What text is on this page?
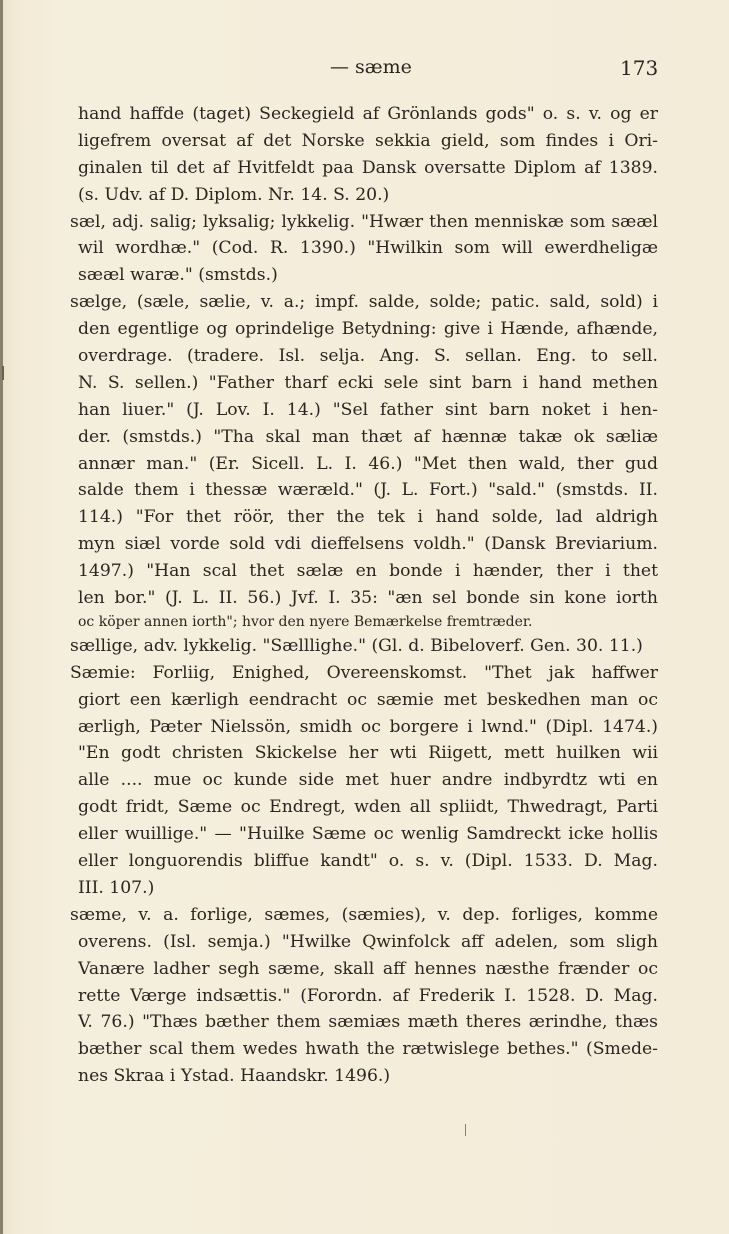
— sæme	173
hand haffde (taget) Seckegield af Grönlands gods" o. s. v. og er
ligefrem oversat af det Norske sekkia gield, som findes i Ori-
ginalen til det af Hvitfeldt paa Dansk oversatte Diplom af 1389.
(s. Udv. af D. Diplom. Nr. 14. S. 20.)
sæl, adj. salig; lyksalig; lykkelig. "Hwær then menniskæ som sææl
wil wordhæ." (Cod. R. 1390.) "Hwilkin som will ewerdheligæ
sææl waræ." (smstds.)
sælge, (sæle, sælie, v. a.; impf. salde, solde; patic. sald, sold) i
den egentlige og oprindelige Betydning: give i Hænde, afhænde,
overdrage. (tradere. Isl. selja. Ang. S. sellan. Eng. to sell.
N. S. sellen.) "Father tharf ecki sele sint barn i hand methen
han liuer." (J. Lov. I. 14.) "Sel father sint barn noket i hen-
der. (smstds.) "Tha skal man thæt af hænnæ takæ ok sæliæ
annær man." (Er. Sicell. L. I. 46.) "Met then wald, ther gud
salde them i thessæ wæræld." (J. L. Fort.) "sald." (smstds. II.
114.) "For thet röör, ther the tek i hand solde, lad aldrigh
myn siæl vorde sold vdi dieffelsens voldh." (Dansk Breviarium.
1497.) "Han scal thet sælæ en bonde i hænder, ther i thet
len bor." (J. L. II. 56.) Jvf. I. 35: "æn sel bonde sin kone iorth
oc köper annen iorth"; hvor den nyere Bemærkelse fremtræder.
sællige, adv. lykkelig. "Sælllighe." (Gl. d. Bibeloverf. Gen. 30. 11.)
Sæmie: Forliig, Enighed, Overeenskomst. "Thet jak haffwer
giort een kærligh eendracht oc sæmie met beskedhen man oc
ærligh, Pæter Nielssön, smidh oc borgere i lwnd." (Dipl. 1474.)
"En godt christen Skickelse her wti Riigett, mett huilken wii
alle .... mue oc kunde side met huer andre indbyrdtz wti en
godt fridt, Sæme oc Endregt, wden all spliidt, Thwedragt, Parti
eller wuillige." — "Huilke Sæme oc wenlig Samdreckt icke hollis
eller longuorendis bliffue kandt" o. s. v. (Dipl. 1533. D. Mag.
III. 107.)
sæme, v. a. forlige, sæmes, (sæmies), v. dep. forliges, komme
overens. (Isl. semja.) "Hwilke Qwinfolck aff adelen, som sligh
Vanære ladher segh sæme, skall aff hennes næsthe frænder oc
rette Værge indsættis." (Forordn. af Frederik I. 1528. D. Mag.
V. 76.) "Thæs bæther them sæmiæs mæth theres ærindhe, thæs
bæther scal them wedes hwath the rætwislege bethes." (Smede-
nes Skraa i Ystad. Haandskr. 1496.)
